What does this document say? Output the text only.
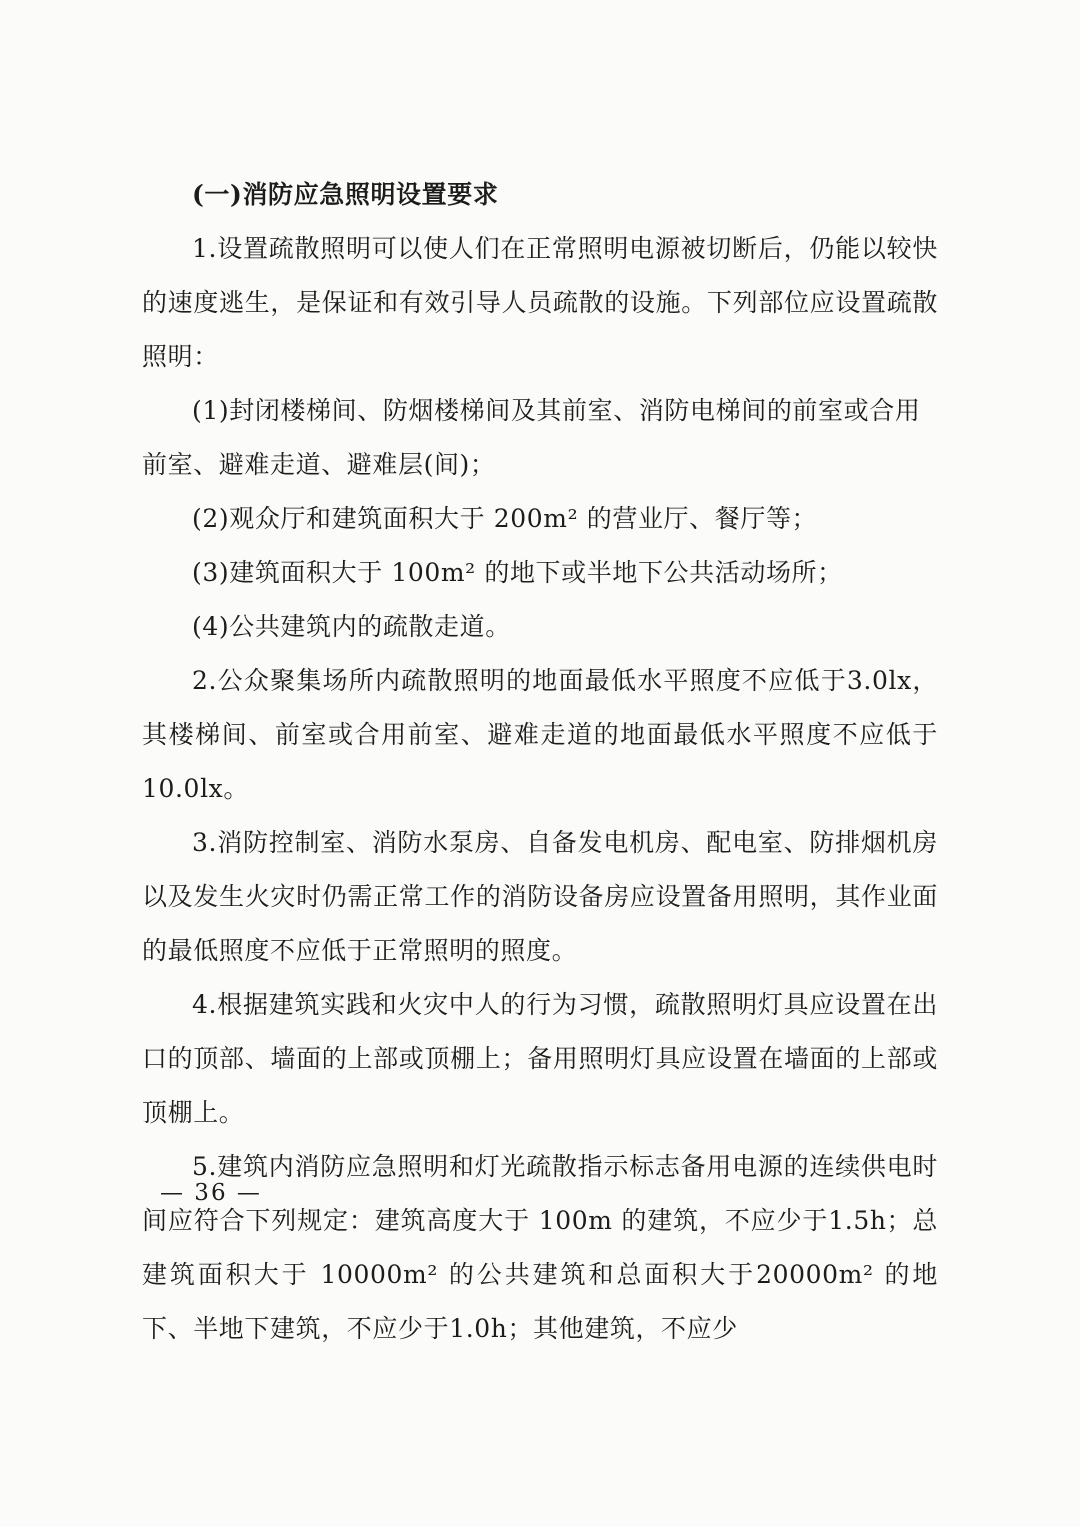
(一)消防应急照明设置要求

1.设置疏散照明可以使人们在正常照明电源被切断后，仍能以较快的速度逃生，是保证和有效引导人员疏散的设施。下列部位应设置疏散照明：

(1)封闭楼梯间、防烟楼梯间及其前室、消防电梯间的前室或合用前室、避难走道、避难层(间)；

(2)观众厅和建筑面积大于 200m² 的营业厅、餐厅等；

(3)建筑面积大于 100m² 的地下或半地下公共活动场所；

(4)公共建筑内的疏散走道。

2.公众聚集场所内疏散照明的地面最低水平照度不应低于3.0lx，其楼梯间、前室或合用前室、避难走道的地面最低水平照度不应低于10.0lx。

3.消防控制室、消防水泵房、自备发电机房、配电室、防排烟机房以及发生火灾时仍需正常工作的消防设备房应设置备用照明，其作业面的最低照度不应低于正常照明的照度。

4.根据建筑实践和火灾中人的行为习惯，疏散照明灯具应设置在出口的顶部、墙面的上部或顶棚上；备用照明灯具应设置在墙面的上部或顶棚上。

5.建筑内消防应急照明和灯光疏散指示标志备用电源的连续供电时间应符合下列规定：建筑高度大于 100m 的建筑，不应少于1.5h；总建筑面积大于 10000m² 的公共建筑和总面积大于20000m² 的地下、半地下建筑，不应少于1.0h；其他建筑，不应少

— 36 —
